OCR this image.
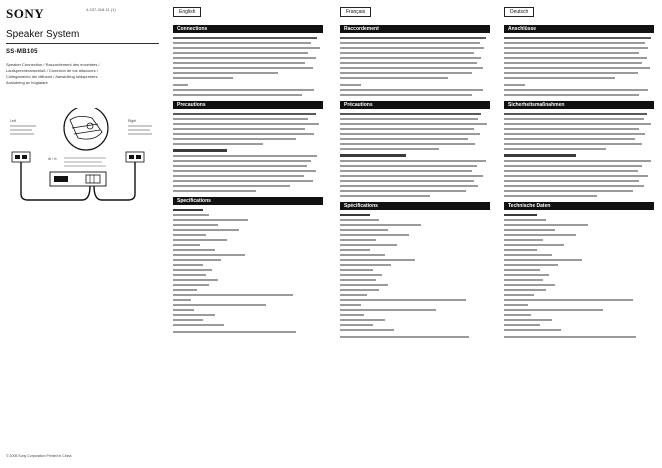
SONY	4-237-418-11 (1)
Speaker System
SS-MB105

Speaker Connection / Raccordement des enceintes /

Lautsprecheranschluß / Conexión de los altavoces /

Collegamento dei diffusori / Aansluiting luidsprekers

Anslutning av högtalare

Left	Right
⊕ / ⊖
© 2005 Sony Corporation Printed in China
English	Français	Deutsch
Connections
Precautions
Specifications
Raccordement
Précautions
Spécifications
Anschlüsse
Sicherheitsmaßnahmen
Technische Daten
